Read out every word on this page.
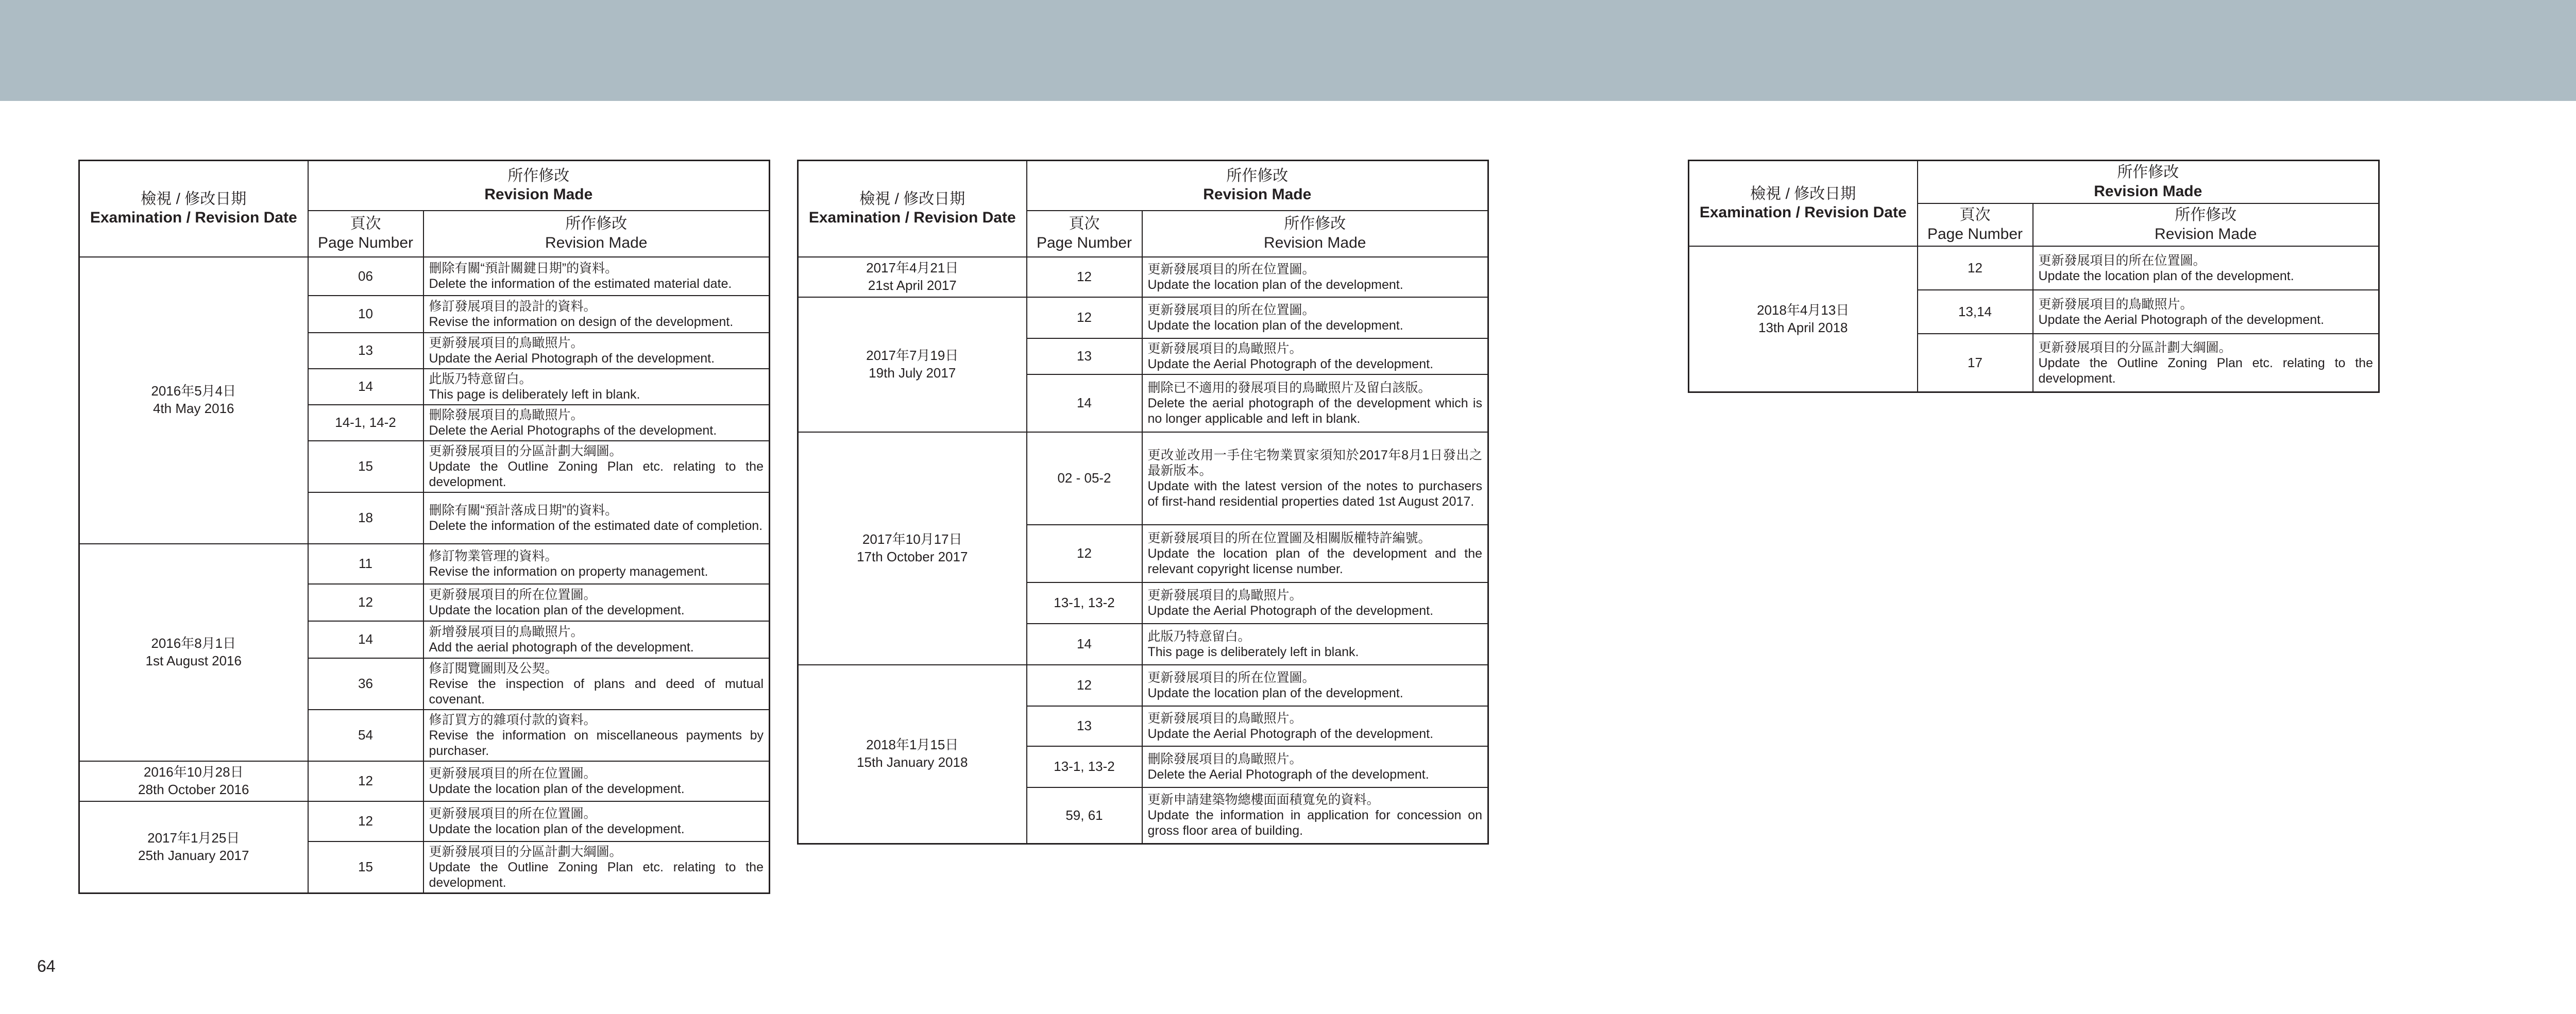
檢視 / 修改日期
Examination / Revision Date	所作修改
Revision Made	

	頁次
Page Number	所作修改
Revision Made

2016年5月4日
4th May 2016	06	刪除有關“預計關鍵日期”的資料。
Delete the information of the estimated material date.

	10	修訂發展項目的設計的資料。
Revise the information on design of the development.

	13	更新發展項目的鳥瞰照片。
Update the Aerial Photograph of the development.

	14	此版乃特意留白。
This page is deliberately left in blank.

	14-1, 14-2	刪除發展項目的鳥瞰照片。
Delete the Aerial Photographs of the development.

	15	更新發展項目的分區計劃大綱圖。
Update the Outline Zoning Plan etc. relating to the development.

	18	刪除有關“預計落成日期”的資料。
Delete the information of the estimated date of completion.

2016年8月1日
1st August 2016	11	修訂物業管理的資料。
Revise the information on property management.

	12	更新發展項目的所在位置圖。
Update the location plan of the development.

	14	新增發展項目的鳥瞰照片。
Add the aerial photograph of the development.

	36	修訂閱覽圖則及公契。
Revise the inspection of plans and deed of mutual covenant.

	54	修訂買方的雜項付款的資料。
Revise the information on miscellaneous payments by purchaser.

2016年10月28日
28th October 2016	12	更新發展項目的所在位置圖。
Update the location plan of the development.

2017年1月25日
25th January 2017	12	更新發展項目的所在位置圖。
Update the location plan of the development.

	15	更新發展項目的分區計劃大綱圖。
Update the Outline Zoning Plan etc. relating to the development.
檢視 / 修改日期
Examination / Revision Date	所作修改
Revision Made	

	頁次
Page Number	所作修改
Revision Made

2017年4月21日
21st April 2017	12	更新發展項目的所在位置圖。
Update the location plan of the development.

2017年7月19日
19th July 2017	12	更新發展項目的所在位置圖。
Update the location plan of the development.

	13	更新發展項目的鳥瞰照片。
Update the Aerial Photograph of the development.

	14	刪除已不適用的發展項目的鳥瞰照片及留白該版。
Delete the aerial photograph of the development which is no longer applicable and left in blank.

2017年10月17日
17th October 2017	02 - 05-2	更改並改用一手住宅物業買家須知於2017年8月1日發出之最新版本。
Update with the latest version of the notes to purchasers of first-hand residential properties dated 1st August 2017.

	12	更新發展項目的所在位置圖及相關版權特許編號。
Update the location plan of the development and the relevant copyright license number.

	13-1, 13-2	更新發展項目的鳥瞰照片。
Update the Aerial Photograph of the development.

	14	此版乃特意留白。
This page is deliberately left in blank.

2018年1月15日
15th January 2018	12	更新發展項目的所在位置圖。
Update the location plan of the development.

	13	更新發展項目的鳥瞰照片。
Update the Aerial Photograph of the development.

	13-1, 13-2	刪除發展項目的鳥瞰照片。
Delete the Aerial Photograph of the development.

	59, 61	更新申請建築物總樓面面積寬免的資料。
Update the information in application for concession on gross floor area of building.
檢視 / 修改日期
Examination / Revision Date	所作修改
Revision Made	

	頁次
Page Number	所作修改
Revision Made

2018年4月13日
13th April 2018	12	更新發展項目的所在位置圖。
Update the location plan of the development.

	13,14	更新發展項目的鳥瞰照片。
Update the Aerial Photograph of the development.

	17	更新發展項目的分區計劃大綱圖。
Update the Outline Zoning Plan etc. relating to the development.
64
